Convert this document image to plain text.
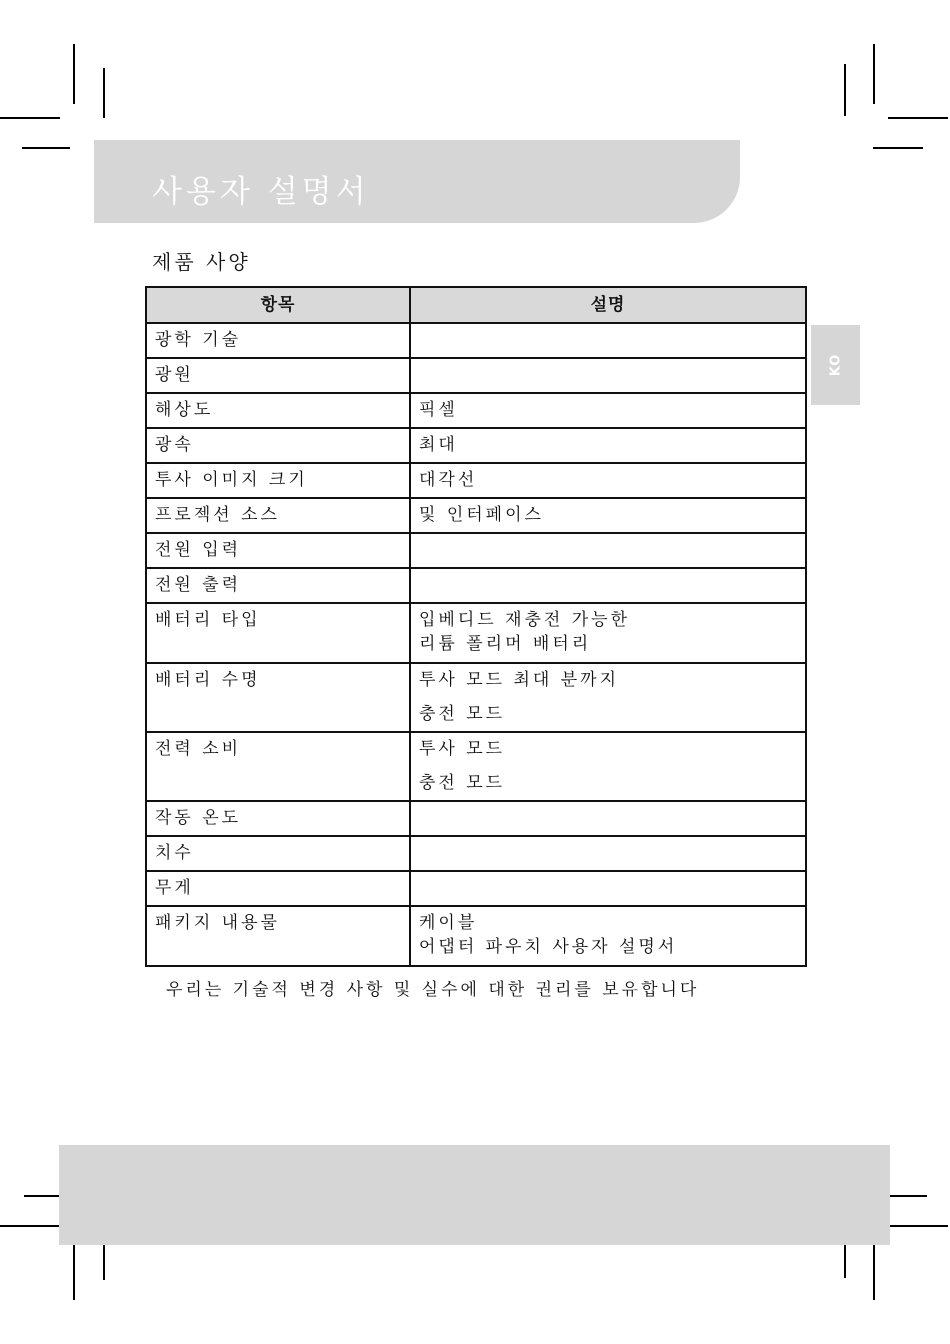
사용자 설명서
제품 사양
KO
항목	설명
광학 기술	
광원	
해상도	픽셀
광속	최대
투사 이미지 크기	대각선
프로젝션 소스	및 인터페이스
전원 입력	
전원 출력	
배터리 타입	입베디드 재충전 가능한
리튬 폴리머 배터리
배터리 수명	투사 모드 최대 분까지
충전 모드

전력 소비	투사 모드
충전 모드

작동 온도	
치수	
무게	
패키지 내용물	케이블
어댑터 파우치 사용자 설명서
우리는 기술적 변경 사항 및 실수에 대한 권리를 보유합니다
